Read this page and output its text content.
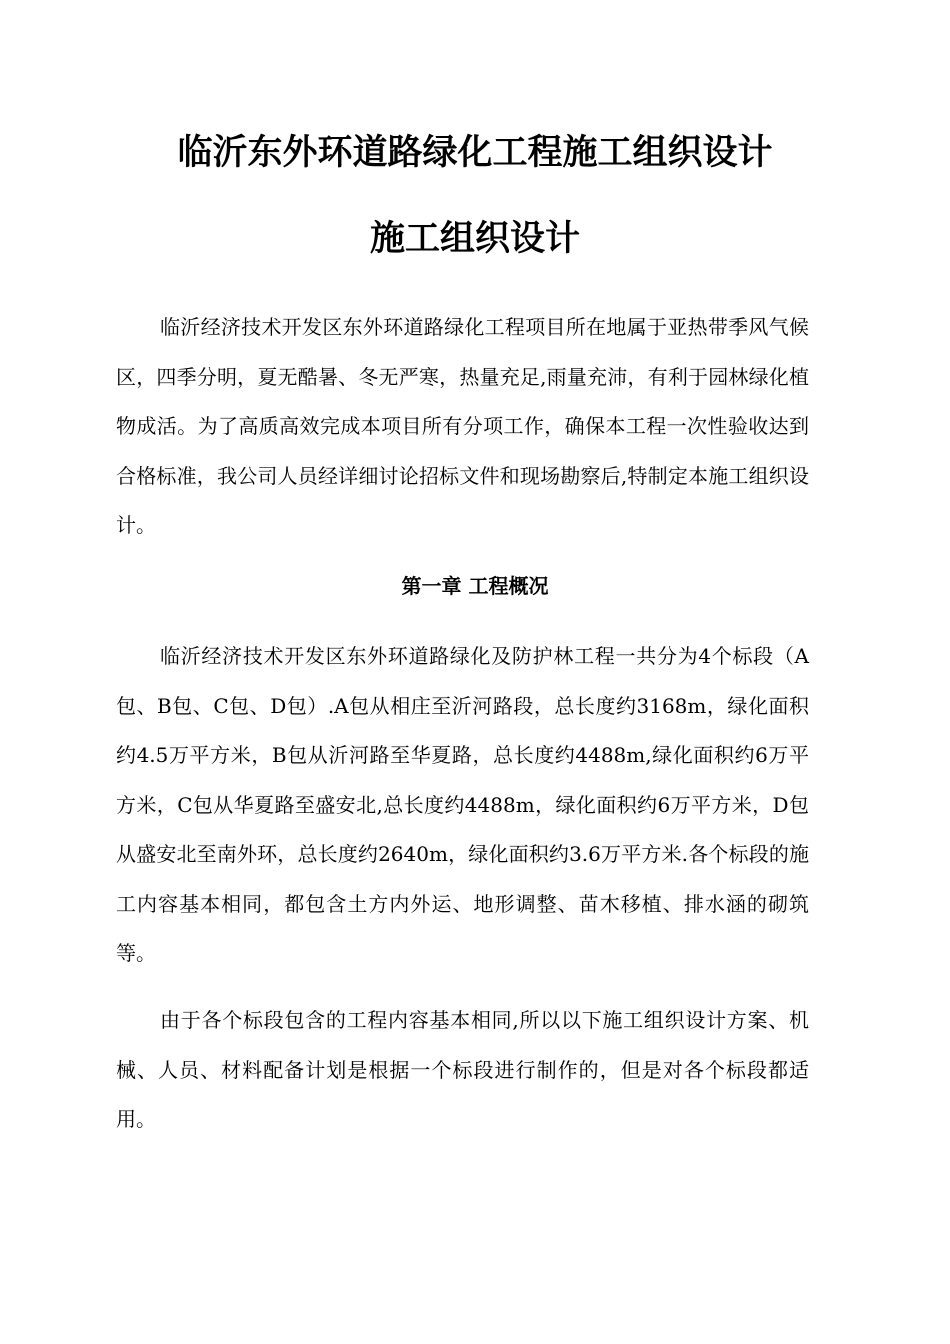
临沂东外环道路绿化工程施工组织设计
施工组织设计

临沂经济技术开发区东外环道路绿化工程项目所在地属于亚热带季风气候区，四季分明，夏无酷暑、冬无严寒，热量充足,雨量充沛，有利于园林绿化植物成活。为了高质高效完成本项目所有分项工作，确保本工程一次性验收达到合格标准，我公司人员经详细讨论招标文件和现场勘察后,特制定本施工组织设计。

第一章 工程概况

临沂经济技术开发区东外环道路绿化及防护林工程一共分为4个标段（A包、B包、C包、D包）.A包从相庄至沂河路段，总长度约3168m，绿化面积约4.5万平方米，B包从沂河路至华夏路，总长度约4488m,绿化面积约6万平方米，C包从华夏路至盛安北,总长度约4488m，绿化面积约6万平方米，D包从盛安北至南外环，总长度约2640m，绿化面积约3.6万平方米.各个标段的施工内容基本相同，都包含土方内外运、地形调整、苗木移植、排水涵的砌筑等。

由于各个标段包含的工程内容基本相同,所以以下施工组织设计方案、机械、人员、材料配备计划是根据一个标段进行制作的，但是对各个标段都适用。
